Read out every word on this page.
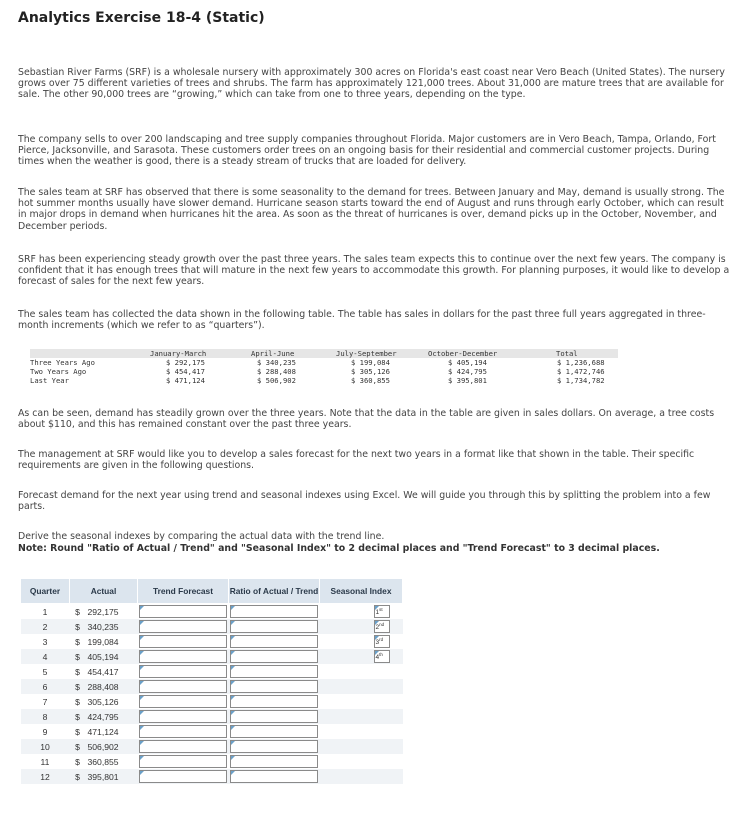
Analytics Exercise 18-4 (Static)

Sebastian River Farms (SRF) is a wholesale nursery with approximately 300 acres on Florida's east coast near Vero Beach (United States). The nursery grows over 75 different varieties of trees and shrubs. The farm has approximately 121,000 trees. About 31,000 are mature trees that are available for sale. The other 90,000 trees are “growing,” which can take from one to three years, depending on the type.

The company sells to over 200 landscaping and tree supply companies throughout Florida. Major customers are in Vero Beach, Tampa, Orlando, Fort Pierce, Jacksonville, and Sarasota. These customers order trees on an ongoing basis for their residential and commercial customer projects. During times when the weather is good, there is a steady stream of trucks that are loaded for delivery.

The sales team at SRF has observed that there is some seasonality to the demand for trees. Between January and May, demand is usually strong. The hot summer months usually have slower demand. Hurricane season starts toward the end of August and runs through early October, which can result in major drops in demand when hurricanes hit the area. As soon as the threat of hurricanes is over, demand picks up in the October, November, and December periods.

SRF has been experiencing steady growth over the past three years. The sales team expects this to continue over the next few years. The company is confident that it has enough trees that will mature in the next few years to accommodate this growth. For planning purposes, it would like to develop a forecast of sales for the next few years.

The sales team has collected the data shown in the following table. The table has sales in dollars for the past three full years aggregated in three-month increments (which we refer to as “quarters”).

January-March	April-June	July-September	October-December	Total
Three Years Ago	$ 292,175	$ 340,235	$ 199,084	$ 405,194	$ 1,236,688
Two Years Ago	$ 454,417	$ 288,408	$ 305,126	$ 424,795	$ 1,472,746
Last Year	$ 471,124	$ 506,902	$ 360,855	$ 395,801	$ 1,734,782

As can be seen, demand has steadily grown over the three years. Note that the data in the table are given in sales dollars. On average, a tree costs about $110, and this has remained constant over the past three years.

The management at SRF would like you to develop a sales forecast for the next two years in a format like that shown in the table. Their specific requirements are given in the following questions.

Forecast demand for the next year using trend and seasonal indexes using Excel. We will guide you through this by splitting the problem into a few parts.

Derive the seasonal indexes by comparing the actual data with the trend line.

Note: Round "Ratio of Actual / Trend" and "Seasonal Index" to 2 decimal places and "Trend Forecast" to 3 decimal places.
Quarter	Actual		Trend Forecast	Ratio of Actual / Trend	Seasonal Index
1	$	292,175			1st

2	$	340,235			2nd

3	$	199,084			3rd

4	$	405,194			4th

5	$	454,417	

6	$	288,408	

7	$	305,126	

8	$	424,795	

9	$	471,124	

10	$	506,902	

11	$	360,855	

12	$	395,801	
